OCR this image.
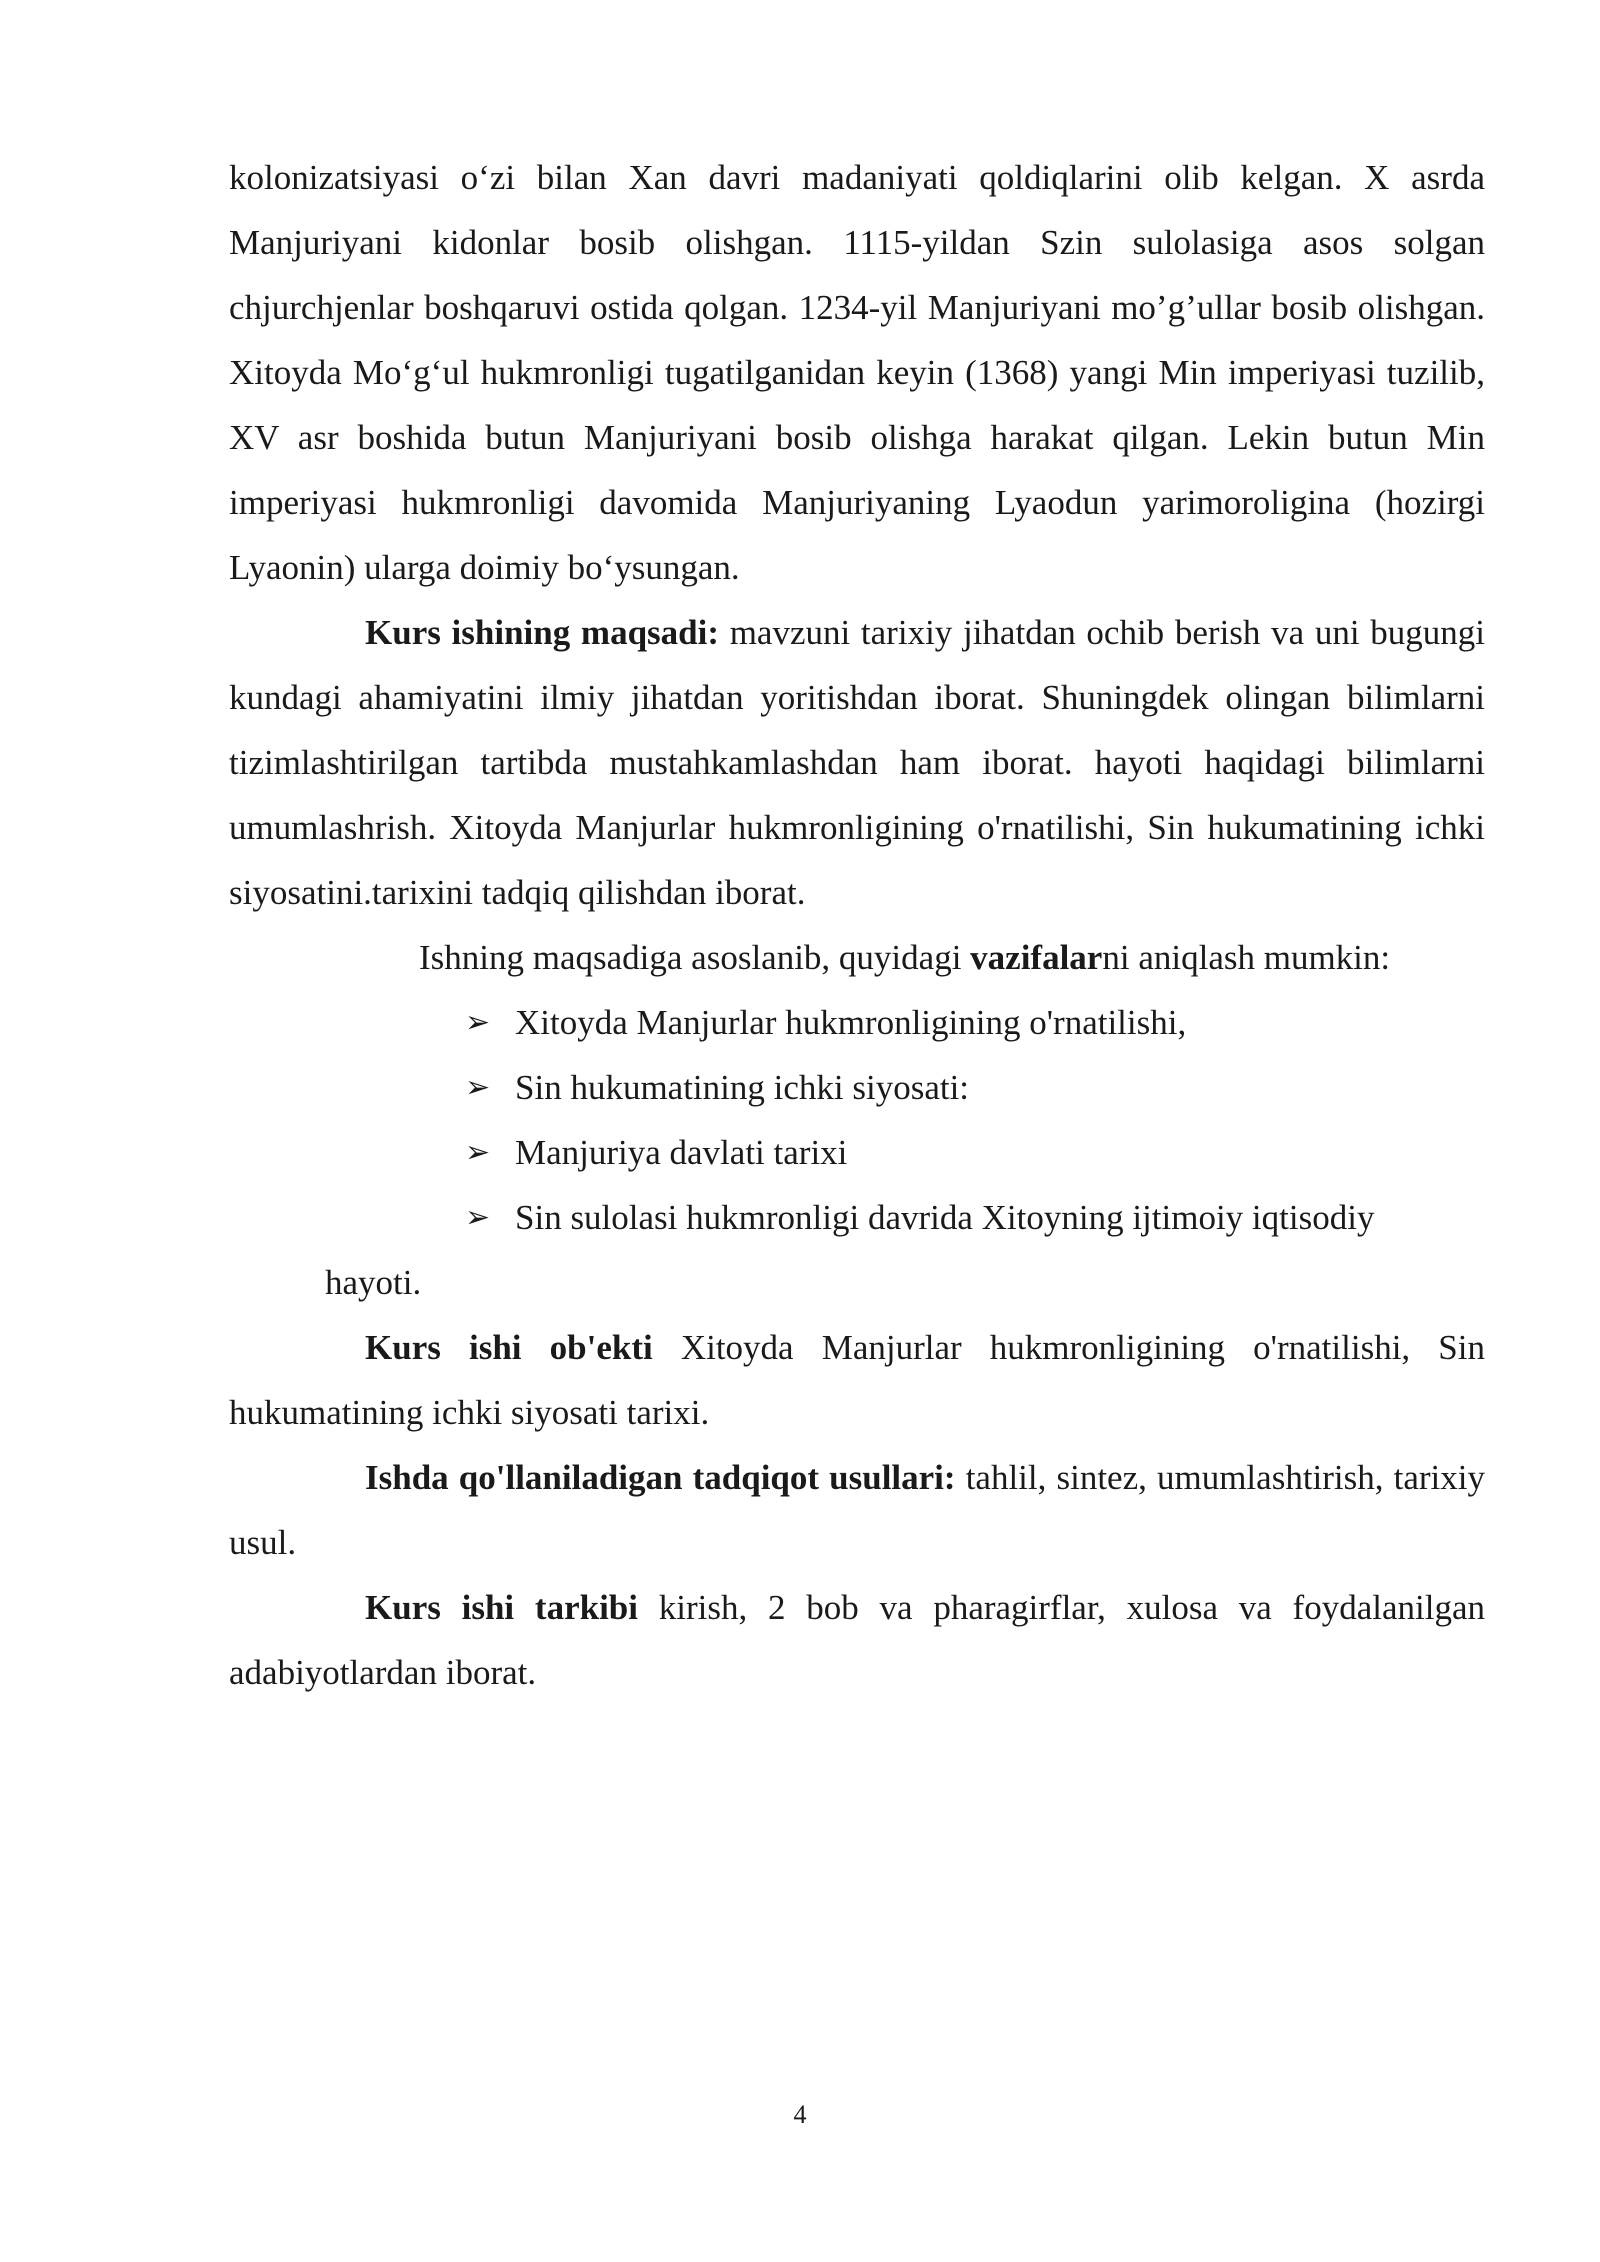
kolonizatsiyasi o‘zi bilan Xan davri madaniyati qoldiqlarini olib kelgan. X asrda Manjuriyani kidonlar bosib olishgan. 1115-yildan Szin sulolasiga asos solgan chjurchjenlar boshqaruvi ostida qolgan. 1234-yil Manjuriyani mo’g’ullar bosib olishgan. Xitoyda Mo‘g‘ul hukmronligi tugatilganidan keyin (1368) yangi Min imperiyasi tuzilib, XV asr boshida butun Manjuriyani bosib olishga harakat qilgan. Lekin butun Min imperiyasi hukmronligi davomida Manjuriyaning Lyaodun yarimoroligina (hozirgi Lyaonin) ularga doimiy bo‘ysungan.

Kurs ishining maqsadi: mavzuni tarixiy jihatdan ochib berish va uni bugungi kundagi ahamiyatini ilmiy jihatdan yoritishdan iborat. Shuningdek olingan bilimlarni tizimlashtirilgan tartibda mustahkamlashdan ham iborat. hayoti haqidagi bilimlarni umumlashrish. Xitoyda Manjurlar hukmronligining o'rnatilishi, Sin hukumatining ichki siyosatini.tarixini tadqiq qilishdan iborat.

Ishning maqsadiga asoslanib, quyidagi vazifalarni aniqlash mumkin:

➢ Xitoyda Manjurlar hukmronligining o'rnatilishi,
➢ Sin hukumatining ichki siyosati:
➢ Manjuriya davlati tarixi
➢ Sin sulolasi hukmronligi davrida Xitoyning ijtimoiy iqtisodiy

hayoti.

Kurs ishi ob'ekti Xitoyda Manjurlar hukmronligining o'rnatilishi, Sin hukumatining ichki siyosati tarixi.

Ishda qo'llaniladigan tadqiqot usullari: tahlil, sintez, umumlashtirish, tarixiy usul.

Kurs ishi tarkibi kirish, 2 bob va pharagirflar, xulosa va foydalanilgan adabiyotlardan iborat.

4
